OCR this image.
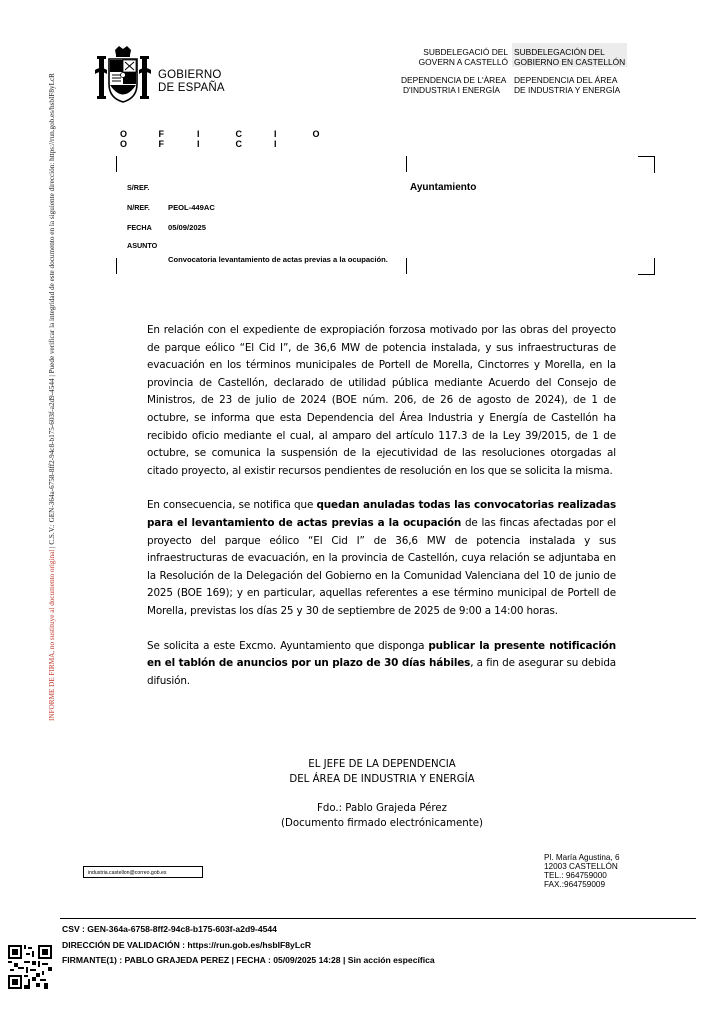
INFORME DE FIRMA, no sustituye al documento original | C.S.V.: GEN-364a-6758-8ff2-94c8-b175-603f-a2d9-4544 | Puede verificar la integridad de este documento en la siguiente dirección: https://run.gob.es/hsbIF8yLcR	GOBIERNO
DE ESPAÑA
SUBDELEGACIÓ DEL
GOVERN A CASTELLÓ
SUBDELEGACIÓN DEL
GOBIERNO EN CASTELLÓN
DEPENDENCIA DE L'ÀREA
D'INDUSTRIA I ENERGÍA
DEPENDENCIA DEL ÁREA
DE INDUSTRIA Y ENERGÍA
O	F	I	C	I	O
O	F	I	C	I
S/REF.
N/REF. PEOL-449AC
FECHA 05/09/2025
ASUNTO
Convocatoria levantamiento de actas previas a la ocupación.
Ayuntamiento

En relación con el expediente de expropiación forzosa motivado por las obras del proyecto de parque eólico “El Cid I”, de 36,6 MW de potencia instalada, y sus infraestructuras de evacuación en los términos municipales de Portell de Morella, Cinctorres y Morella, en la provincia de Castellón, declarado de utilidad pública mediante Acuerdo del Consejo de Ministros, de 23 de julio de 2024 (BOE núm. 206, de 26 de agosto de 2024), de 1 de octubre, se informa que esta Dependencia del Área Industria y Energía de Castellón ha recibido oficio mediante el cual, al amparo del artículo 117.3 de la Ley 39/2015, de 1 de octubre, se comunica la suspensión de la ejecutividad de las resoluciones otorgadas al citado proyecto, al existir recursos pendientes de resolución en los que se solicita la misma.

En consecuencia, se notifica que quedan anuladas todas las convocatorias realizadas para el levantamiento de actas previas a la ocupación de las fincas afectadas por el proyecto del parque eólico “El Cid I” de 36,6 MW de potencia instalada y sus infraestructuras de evacuación, en la provincia de Castellón, cuya relación se adjuntaba en la Resolución de la Delegación del Gobierno en la Comunidad Valenciana del 10 de junio de 2025 (BOE 169); y en particular, aquellas referentes a ese término municipal de Portell de Morella, previstas los días 25 y 30 de septiembre de 2025 de 9:00 a 14:00 horas.

Se solicita a este Excmo. Ayuntamiento que disponga publicar la presente notificación en el tablón de anuncios por un plazo de 30 días hábiles, a fin de asegurar su debida difusión.

EL JEFE DE LA DEPENDENCIA
DEL ÁREA DE INDUSTRIA Y ENERGÍA
Fdo.: Pablo Grajeda Pérez
(Documento firmado electrónicamente)
industria.castellon@correo.gob.es
Pl. María Agustina, 6
12003 CASTELLÓN
TEL.: 964759000
FAX.:964759009
CSV : GEN-364a-6758-8ff2-94c8-b175-603f-a2d9-4544
DIRECCIÓN DE VALIDACIÓN : https://run.gob.es/hsbIF8yLcR
FIRMANTE(1) : PABLO GRAJEDA PEREZ | FECHA : 05/09/2025 14:28 | Sin acción específica
